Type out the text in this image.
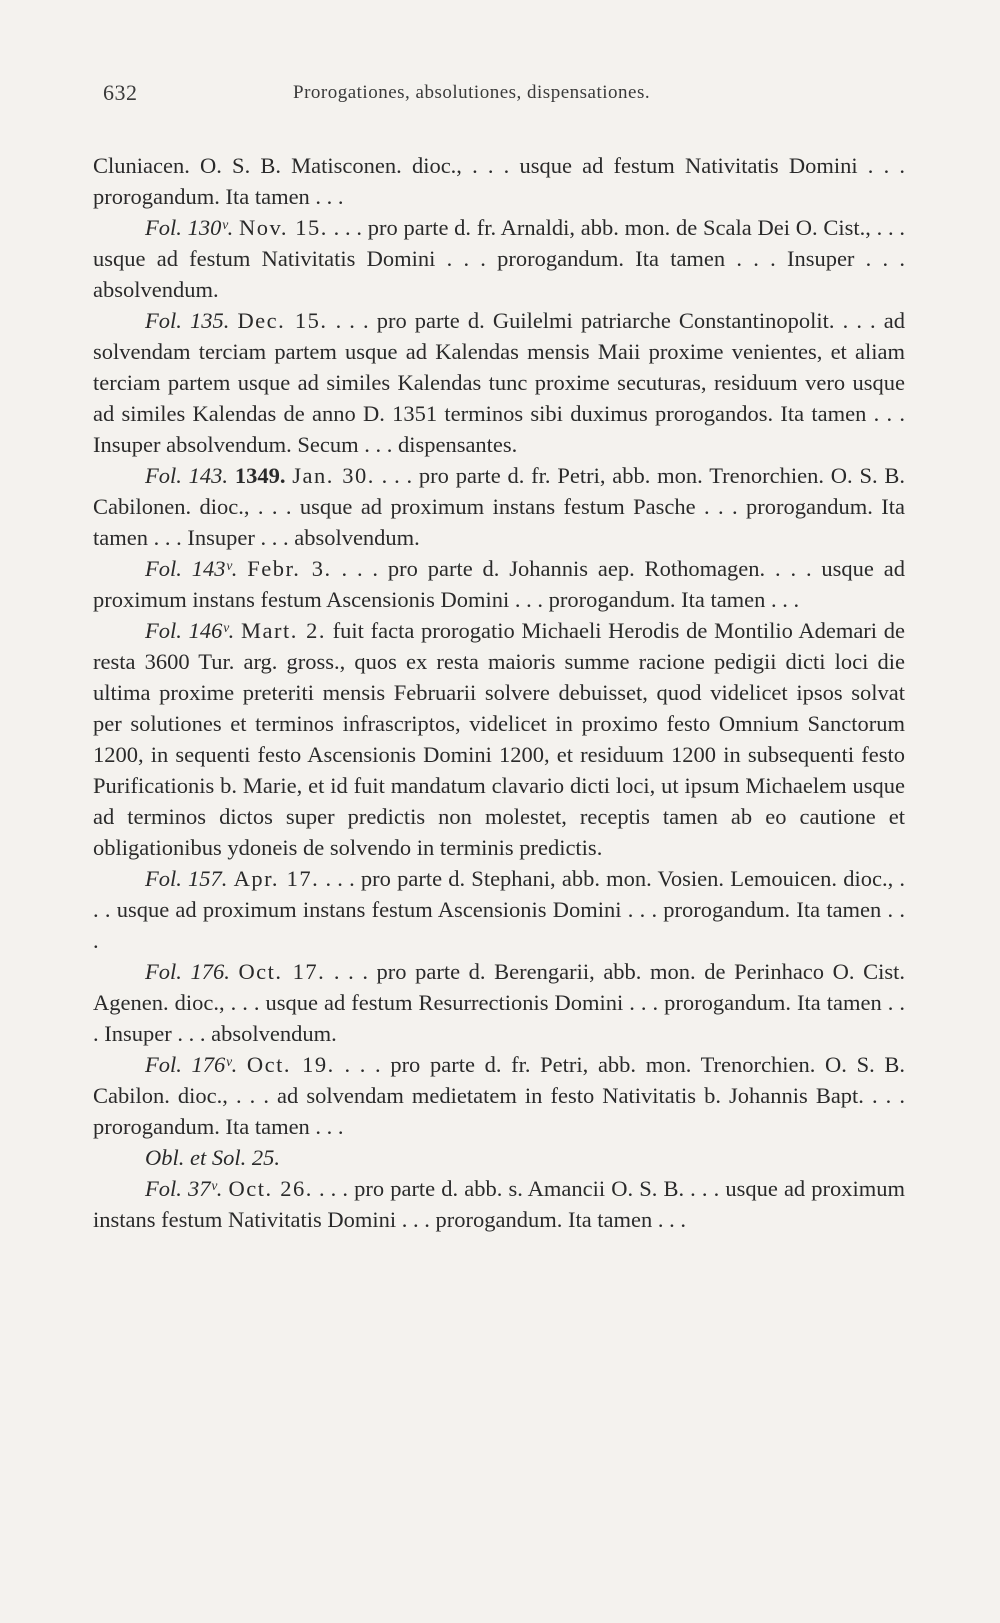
632	Prorogationes, absolutiones, dispensationes.

Cluniacen. O. S. B. Matisconen. dioc., . . . usque ad festum Nativitatis Domini . . . prorogandum. Ita tamen . . .

Fol. 130ᵛ. Nov. 15. . . . pro parte d. fr. Arnaldi, abb. mon. de Scala Dei O. Cist., . . . usque ad festum Nativitatis Domini . . . prorogandum. Ita tamen . . . Insuper . . . absolvendum.

Fol. 135. Dec. 15. . . . pro parte d. Guilelmi patriarche Constantinopolit. . . . ad solvendam terciam partem usque ad Kalendas mensis Maii proxime venientes, et aliam terciam partem usque ad similes Kalendas tunc proxime secuturas, residuum vero usque ad similes Kalendas de anno D. 1351 terminos sibi duximus prorogandos. Ita tamen . . . Insuper absolvendum. Secum . . . dispensantes.

Fol. 143. 1349. Jan. 30. . . . pro parte d. fr. Petri, abb. mon. Trenorchien. O. S. B. Cabilonen. dioc., . . . usque ad proximum instans festum Pasche . . . prorogandum. Ita tamen . . . Insuper . . . absolvendum.

Fol. 143ᵛ. Febr. 3. . . . pro parte d. Johannis aep. Rothomagen. . . . usque ad proximum instans festum Ascensionis Domini . . . prorogandum. Ita tamen . . .

Fol. 146ᵛ. Mart. 2. fuit facta prorogatio Michaeli Herodis de Montilio Ademari de resta 3600 Tur. arg. gross., quos ex resta maioris summe racione pedigii dicti loci die ultima proxime preteriti mensis Februarii solvere debuisset, quod videlicet ipsos solvat per solutiones et terminos infrascriptos, videlicet in proximo festo Omnium Sanctorum 1200, in sequenti festo Ascensionis Domini 1200, et residuum 1200 in subsequenti festo Purificationis b. Marie, et id fuit mandatum clavario dicti loci, ut ipsum Michaelem usque ad terminos dictos super predictis non molestet, receptis tamen ab eo cautione et obligationibus ydoneis de solvendo in terminis predictis.

Fol. 157. Apr. 17. . . . pro parte d. Stephani, abb. mon. Vosien. Lemouicen. dioc., . . . usque ad proximum instans festum Ascensionis Domini . . . prorogandum. Ita tamen . . .

Fol. 176. Oct. 17. . . . pro parte d. Berengarii, abb. mon. de Perinhaco O. Cist. Agenen. dioc., . . . usque ad festum Resurrectionis Domini . . . prorogandum. Ita tamen . . . Insuper . . . absolvendum.

Fol. 176ᵛ. Oct. 19. . . . pro parte d. fr. Petri, abb. mon. Trenorchien. O. S. B. Cabilon. dioc., . . . ad solvendam medietatem in festo Nativitatis b. Johannis Bapt. . . . prorogandum. Ita tamen . . .

Obl. et Sol. 25.

Fol. 37ᵛ. Oct. 26. . . . pro parte d. abb. s. Amancii O. S. B. . . . usque ad proximum instans festum Nativitatis Domini . . . prorogandum. Ita tamen . . .
